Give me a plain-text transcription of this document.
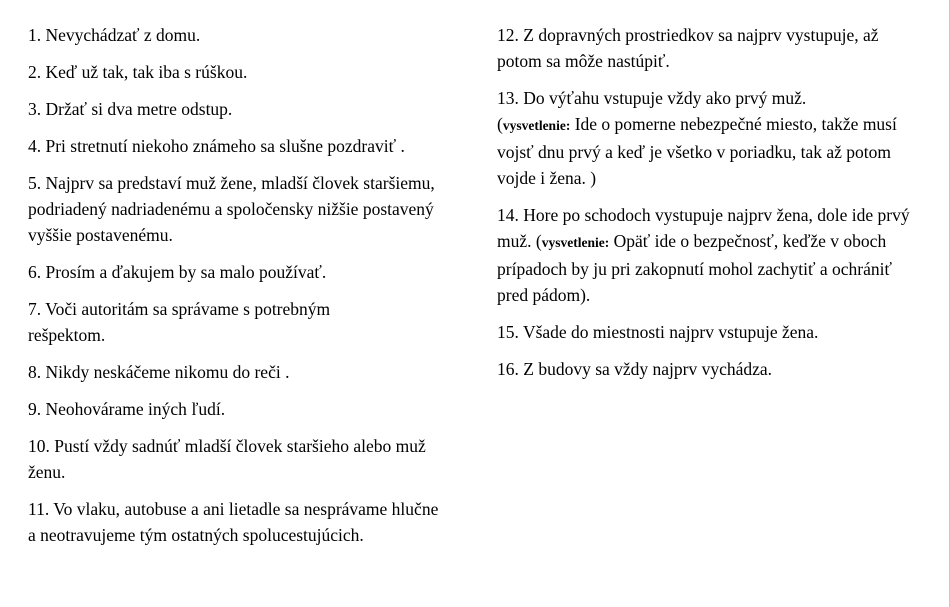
1. Nevychádzať z domu.

2. Keď už tak, tak iba s rúškou.

3. Držať si dva metre odstup.

4. Pri stretnutí niekoho známeho sa slušne pozdraviť .

5. Najprv sa predstaví muž žene, mladší človek staršiemu, podriadený nadriadenému a spoločensky nižšie postavený vyššie postavenému.

6. Prosím a ďakujem by sa malo používať.

7. Voči autoritám sa správame s potrebným rešpektom.

8. Nikdy neskáčeme nikomu do reči .

9. Neohovárame iných ľudí.

10. Pustí vždy sadnúť mladší človek staršieho alebo muž ženu.

11. Vo vlaku, autobuse a ani lietadle sa nesprávame hlučne a neotravujeme tým ostatných spolucestujúcich.

12. Z dopravných prostriedkov sa najprv vystupuje, až potom sa môže nastúpiť.

13. Do výťahu vstupuje vždy ako prvý muž.
(vysvetlenie: Ide o pomerne nebezpečné miesto, takže musí vojsť dnu prvý a keď je všetko v poriadku, tak až potom vojde i žena. )

14. Hore po schodoch vystupuje najprv žena, dole ide prvý muž. (vysvetlenie: Opäť ide o bezpečnosť, keďže v oboch prípadoch by ju pri zakopnutí mohol zachytiť a ochrániť pred pádom).

15. Všade do miestnosti najprv vstupuje žena.

16. Z budovy sa vždy najprv vychádza.
